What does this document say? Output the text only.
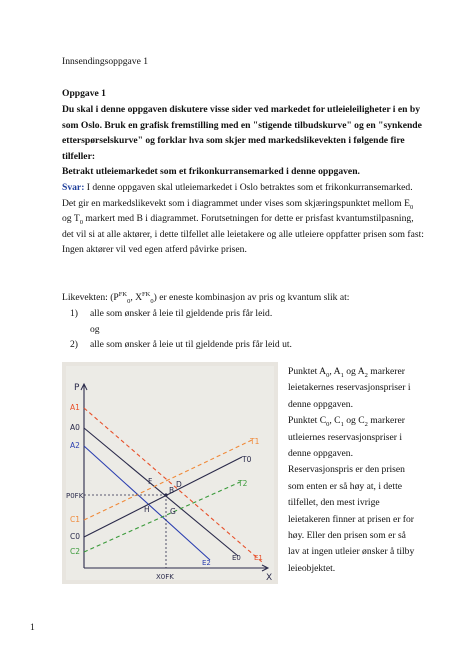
Innsendingsoppgave 1
Oppgave 1
Du skal i denne oppgaven diskutere visse sider ved markedet for utleieleiligheter i en by
som Oslo. Bruk en grafisk fremstilling med en "stigende tilbudskurve" og en "synkende
etterspørselskurve" og forklar hva som skjer med markedslikevekten i følgende fire
tilfeller:
Betrakt utleiemarkedet som et frikonkurransemarked i denne oppgaven.
Svar: I denne oppgaven skal utleiemarkedet i Oslo betraktes som et frikonkurransemarked.
Det gir en markedslikevekt som i diagrammet under vises som skjæringspunktet mellom $E_0$
og $T_0$ markert med B i diagrammet. Forutsetningen for dette er prisfast kvantumstilpasning,
det vil si at alle aktører, i dette tilfellet alle leietakere og alle utleiere oppfatter prisen som fast:
Ingen aktører vil ved egen atferd påvirke prisen.
Likevekten: ($P^{FK}_0$, $X^{FK}_0$) er eneste kombinasjon av pris og kvantum slik at:
1) alle som ønsker å leie til gjeldende pris får leid.
og
2) alle som ønsker å leie ut til gjeldende pris får leid ut.
P
X
A1
A0
A2
P0FK
C1
C0
C2
X0FK
T1
T0
T2
E2
E0 E1
B
F	D
H	G
Punktet $A_0$, $A_1$ og $A_2$ markerer
leietakernes reservasjonspriser i
denne oppgaven.
Punktet $C_0$, $C_1$ og $C_2$ markerer
utleiernes reservasjonspriser i
denne oppgaven.
Reservasjonspris er den prisen
som enten er så høy at, i dette
tilfellet, den mest ivrige
leietakeren finner at prisen er for
høy. Eller den prisen som er så
lav at ingen utleier ønsker å tilby
leieobjektet.
1
